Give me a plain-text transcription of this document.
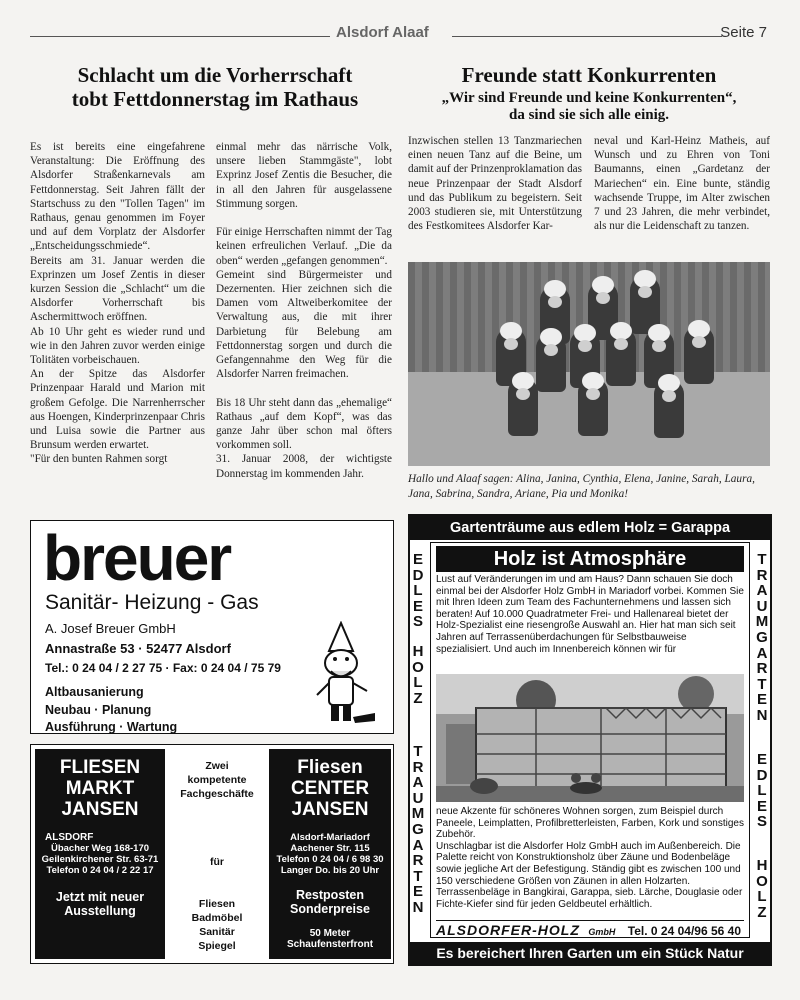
Alsdorf Alaaf	Seite 7
Schlacht um die Vorherrschaft
tobt Fettdonnerstag im Rathaus
Es ist bereits eine eingefahrene Veranstaltung: Die Eröffnung des Alsdorfer Straßenkarnevals am Fettdonnerstag. Seit Jahren fällt der Startschuss zu den "Tollen Tagen" im Rathaus, genau genommen im Foyer und auf dem Vorplatz der Alsdorfer „Entscheidungsschmiede“.
Bereits am 31. Januar werden die Exprinzen um Josef Zentis in dieser kurzen Session die „Schlacht“ um die Alsdorfer Vorherrschaft bis Aschermittwoch eröffnen.
Ab 10 Uhr geht es wieder rund und wie in den Jahren zuvor werden einige Tolitäten vorbeischauen.
An der Spitze das Alsdorfer Prinzenpaar Harald und Marion mit großem Gefolge. Die Narrenherrscher aus Hoengen, Kinderprinzenpaar Chris und Luisa sowie die Partner aus Brunsum werden erwartet.
"Für den bunten Rahmen sorgt
einmal mehr das närrische Volk, unsere lieben Stammgäste", lobt Exprinz Josef Zentis die Besucher, die in all den Jahren für ausgelassene Stimmung sorgen.

Für einige Herrschaften nimmt der Tag keinen erfreulichen Verlauf. „Die da oben“ werden „gefangen genommen“.
Gemeint sind Bürgermeister und Dezernenten. Hier zeichnen sich die Damen vom Altweiberkomitee der Verwaltung aus, die mit ihrer Darbietung für Belebung am Fettdonnerstag sorgen und durch die Gefangennahme den Weg für die Alsdorfer Narren freimachen.

Bis 18 Uhr steht dann das „ehemalige“ Rathaus „auf dem Kopf“, was das ganze Jahr über schon mal öfters vorkommen soll.
31. Januar 2008, der wichtigste Donnerstag im kommenden Jahr.
Freunde statt Konkurrenten
„Wir sind Freunde und keine Konkurrenten“,
da sind sie sich alle einig.
Inzwischen stellen 13 Tanzmariechen einen neuen Tanz auf die Beine, um damit auf der Prinzenproklamation das neue Prinzenpaar der Stadt Alsdorf und das Publikum zu begeistern. Seit 2003 studieren sie, mit Unterstützung des Festkomitees Alsdorfer Kar-
neval und Karl-Heinz Matheis, auf Wunsch und zu Ehren von Toni Baumanns, einen „Gardetanz der Mariechen“ ein. Eine bunte, ständig wachsende Truppe, im Alter zwischen 7 und 23 Jahren, die mehr verbindet, als nur die Leidenschaft zu tanzen.
Hallo und Alaaf sagen: Alina, Janina, Cynthia, Elena, Janine, Sarah, Laura, Jana, Sabrina, Sandra, Ariane, Pia und Monika!
breuer
Sanitär- Heizung - Gas
A. Josef Breuer GmbH
Annastraße 53 · 52477 Alsdorf
Tel.: 0 24 04 / 2 27 75 · Fax: 0 24 04 / 75 79
Altbausanierung
Neubau · Planung
Ausführung · Wartung
FLIESEN
MARKT
JANSEN
ALSDORF
Übacher Weg 168-170
Geilenkirchener Str. 63-71
Telefon 0 24 04 / 2 22 17
Jetzt mit neuer
Ausstellung
Zwei
kompetente
Fachgeschäfte
für
Fliesen
Badmöbel
Sanitär
Spiegel
Fliesen
CENTER
JANSEN
Alsdorf-Mariadorf
Aachener Str. 115
Telefon 0 24 04 / 6 98 30
Langer Do. bis 20 Uhr
Restposten
Sonderpreise
50 Meter
Schaufensterfront
Gartenträume aus edlem Holz = Garappa
Es bereichert Ihren Garten um ein Stück Natur
Holz ist Atmosphäre
Lust auf Veränderungen im und am Haus? Dann schauen Sie doch einmal bei der Alsdorfer Holz GmbH in Mariadorf vorbei. Kommen Sie mit Ihren Ideen zum Team des Fachunternehmens und lassen sich beraten! Auf 10.000 Quadratmeter Frei- und Hallenareal bietet der Holz-Spezialist eine riesengroße Auswahl an. Hier hat man sich seit Jahren auf Terrassenüberdachungen für Selbstbauweise spezialisiert. Und auch im Innenbereich können wir für
neue Akzente für schöneres Wohnen sorgen, zum Beispiel durch Paneele, Leimplatten, Profilbretterleisten, Farben, Kork und sonstiges Zubehör.
Unschlagbar ist die Alsdorfer Holz GmbH auch im Außenbereich. Die Palette reicht von Konstruktionsholz über Zäune und Bodenbeläge sowie jegliche Art der Befestigung. Ständig gibt es zwischen 100 und 150 verschiedene Größen von Zäunen in allen Holzarten. Terrassenbeläge in Bangkirai, Garappa, sieb. Lärche, Douglasie oder Fichte-Kiefer sind für jeden Geldbeutel erhältlich.
ALSDORFER-HOLZ GmbH Tel. 0 24 04/96 56 40
E
D
L
E
S
H
O
L
Z
T
R
A
U
M
G
A
R
T
E
N
T
R
A
U
M
G
A
R
T
E
N
E
D
L
E
S
H
O
L
Z
